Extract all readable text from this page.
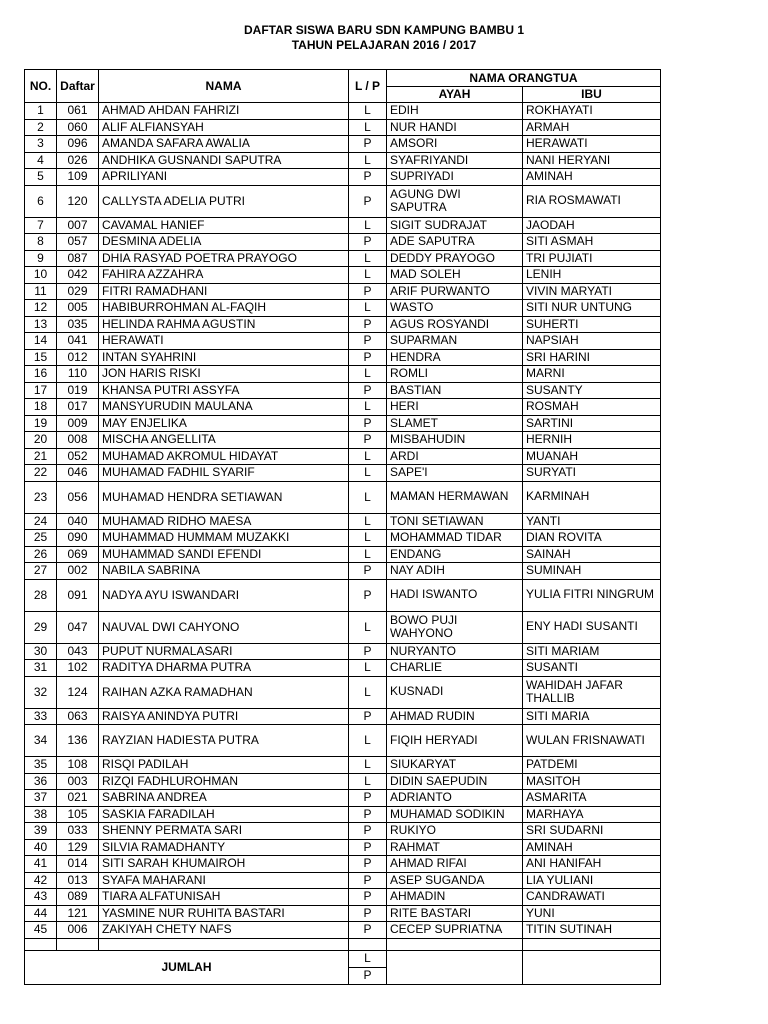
DAFTAR SISWA BARU SDN KAMPUNG BAMBU 1
TAHUN PELAJARAN 2016 / 2017
NO.	Daftar	NAMA	L / P	NAMA ORANGTUA	
				AYAH	IBU
1	061	AHMAD AHDAN FAHRIZI	L	EDIH	ROKHAYATI
2	060	ALIF ALFIANSYAH	L	NUR HANDI	ARMAH
3	096	AMANDA SAFARA AWALIA	P	AMSORI	HERAWATI
4	026	ANDHIKA GUSNANDI SAPUTRA	L	SYAFRIYANDI	NANI HERYANI
5	109	APRILIYANI	P	SUPRIYADI	AMINAH
6	120	CALLYSTA ADELIA PUTRI	P	AGUNG DWI SAPUTRA	RIA ROSMAWATI
7	007	CAVAMAL HANIEF	L	SIGIT SUDRAJAT	JAODAH
8	057	DESMINA ADELIA	P	ADE SAPUTRA	SITI ASMAH
9	087	DHIA RASYAD POETRA PRAYOGO	L	DEDDY PRAYOGO	TRI PUJIATI
10	042	FAHIRA AZZAHRA	L	MAD SOLEH	LENIH
11	029	FITRI RAMADHANI	P	ARIF PURWANTO	VIVIN MARYATI
12	005	HABIBURROHMAN AL-FAQIH	L	WASTO	SITI NUR UNTUNG
13	035	HELINDA RAHMA AGUSTIN	P	AGUS ROSYANDI	SUHERTI
14	041	HERAWATI	P	SUPARMAN	NAPSIAH
15	012	INTAN SYAHRINI	P	HENDRA	SRI HARINI
16	110	JON HARIS RISKI	L	ROMLI	MARNI
17	019	KHANSA PUTRI ASSYFA	P	BASTIAN	SUSANTY
18	017	MANSYURUDIN MAULANA	L	HERI	ROSMAH
19	009	MAY ENJELIKA	P	SLAMET	SARTINI
20	008	MISCHA ANGELLITA	P	MISBAHUDIN	HERNIH
21	052	MUHAMAD AKROMUL HIDAYAT	L	ARDI	MUANAH
22	046	MUHAMAD FADHIL SYARIF	L	SAPE'I	SURYATI
23	056	MUHAMAD HENDRA SETIAWAN	L	MAMAN HERMAWAN	KARMINAH
24	040	MUHAMAD RIDHO MAESA	L	TONI SETIAWAN	YANTI
25	090	MUHAMMAD HUMMAM MUZAKKI	L	MOHAMMAD TIDAR	DIAN ROVITA
26	069	MUHAMMAD SANDI EFENDI	L	ENDANG	SAINAH
27	002	NABILA SABRINA	P	NAY ADIH	SUMINAH
28	091	NADYA AYU ISWANDARI	P	HADI ISWANTO	YULIA FITRI NINGRUM
29	047	NAUVAL DWI CAHYONO	L	BOWO PUJI WAHYONO	ENY HADI SUSANTI
30	043	PUPUT NURMALASARI	P	NURYANTO	SITI MARIAM
31	102	RADITYA DHARMA PUTRA	L	CHARLIE	SUSANTI
32	124	RAIHAN AZKA RAMADHAN	L	KUSNADI	WAHIDAH JAFAR THALLIB
33	063	RAISYA ANINDYA PUTRI	P	AHMAD RUDIN	SITI MARIA
34	136	RAYZIAN HADIESTA PUTRA	L	FIQIH HERYADI	WULAN FRISNAWATI
35	108	RISQI PADILAH	L	SIUKARYAT	PATDEMI
36	003	RIZQI FADHLUROHMAN	L	DIDIN SAEPUDIN	MASITOH
37	021	SABRINA ANDREA	P	ADRIANTO	ASMARITA
38	105	SASKIA FARADILAH	P	MUHAMAD SODIKIN	MARHAYA
39	033	SHENNY PERMATA SARI	P	RUKIYO	SRI SUDARNI
40	129	SILVIA RAMADHANTY	P	RAHMAT	AMINAH
41	014	SITI SARAH KHUMAIROH	P	AHMAD RIFAI	ANI HANIFAH
42	013	SYAFA MAHARANI	P	ASEP SUGANDA	LIA YULIANI
43	089	TIARA ALFATUNISAH	P	AHMADIN	CANDRAWATI
44	121	YASMINE NUR RUHITA BASTARI	P	RITE BASTARI	YUNI
45	006	ZAKIYAH CHETY NAFS	P	CECEP SUPRIATNA	TITIN SUTINAH

JUMLAH			L		
			P		
